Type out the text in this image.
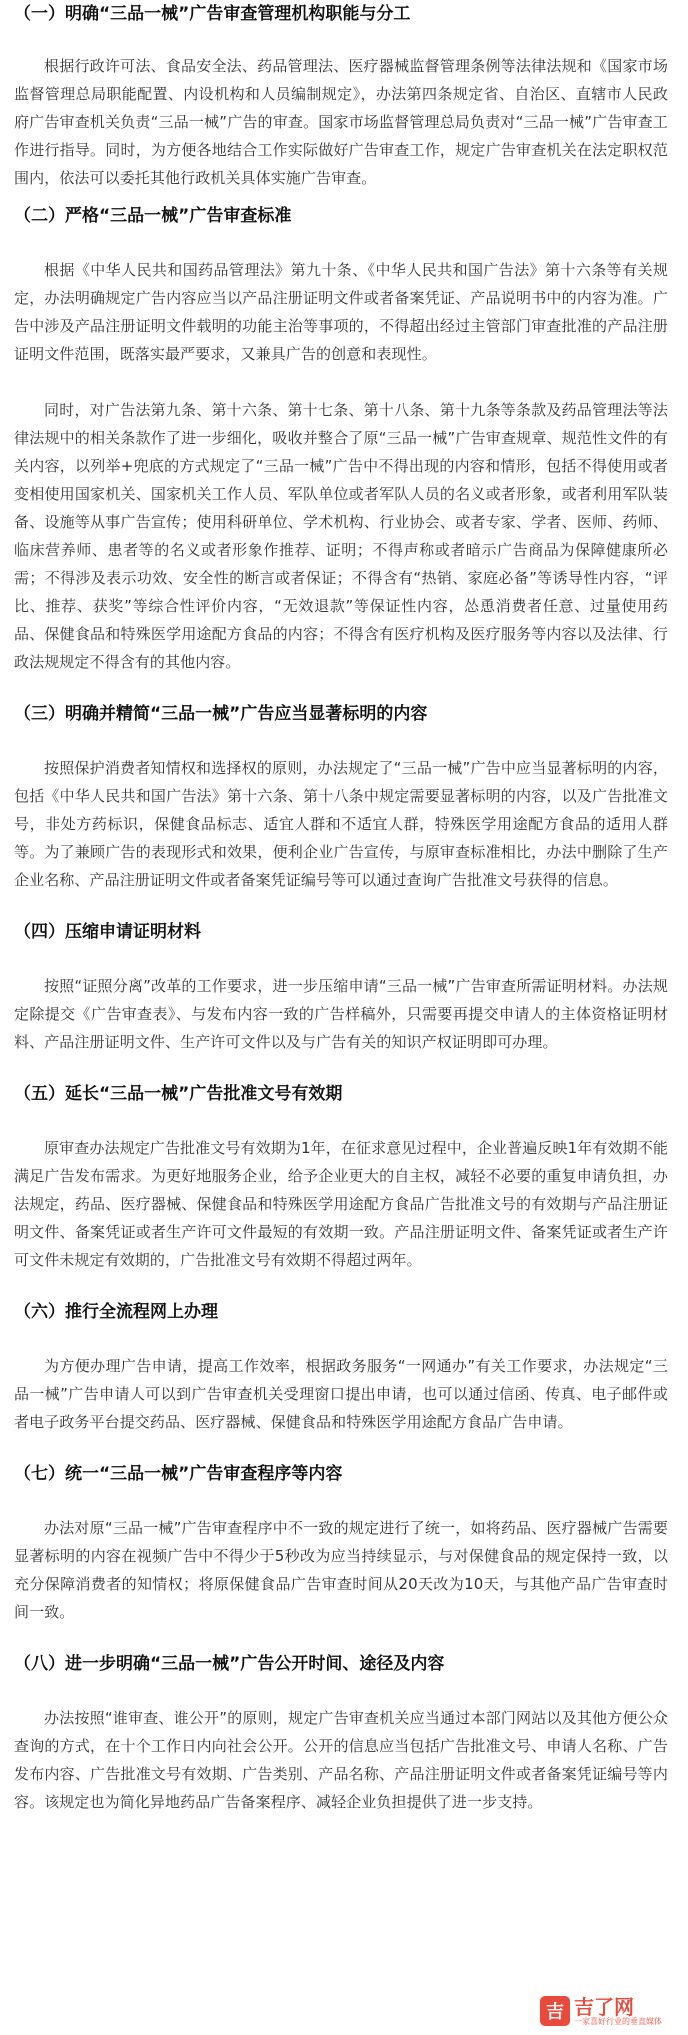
（一）明确“三品一械”广告审查管理机构职能与分工

根据行政许可法、食品安全法、药品管理法、医疗器械监督管理条例等法律法规和《国家市场监督管理总局职能配置、内设机构和人员编制规定》，办法第四条规定省、自治区、直辖市人民政府广告审查机关负责“三品一械”广告的审查。国家市场监督管理总局负责对“三品一械”广告审查工作进行指导。同时，为方便各地结合工作实际做好广告审查工作，规定广告审查机关在法定职权范围内，依法可以委托其他行政机关具体实施广告审查。

（二）严格“三品一械”广告审查标准

根据《中华人民共和国药品管理法》第九十条、《中华人民共和国广告法》第十六条等有关规定，办法明确规定广告内容应当以产品注册证明文件或者备案凭证、产品说明书中的内容为准。广告中涉及产品注册证明文件载明的功能主治等事项的，不得超出经过主管部门审查批准的产品注册证明文件范围，既落实最严要求，又兼具广告的创意和表现性。

同时，对广告法第九条、第十六条、第十七条、第十八条、第十九条等条款及药品管理法等法律法规中的相关条款作了进一步细化，吸收并整合了原“三品一械”广告审查规章、规范性文件的有关内容，以列举+兜底的方式规定了“三品一械”广告中不得出现的内容和情形，包括不得使用或者变相使用国家机关、国家机关工作人员、军队单位或者军队人员的名义或者形象，或者利用军队装备、设施等从事广告宣传；使用科研单位、学术机构、行业协会、或者专家、学者、医师、药师、临床营养师、患者等的名义或者形象作推荐、证明；不得声称或者暗示广告商品为保障健康所必需；不得涉及表示功效、安全性的断言或者保证；不得含有“热销、家庭必备”等诱导性内容，“评比、推荐、获奖”等综合性评价内容，“无效退款”等保证性内容，怂恿消费者任意、过量使用药品、保健食品和特殊医学用途配方食品的内容；不得含有医疗机构及医疗服务等内容以及法律、行政法规规定不得含有的其他内容。

（三）明确并精简“三品一械”广告应当显著标明的内容

按照保护消费者知情权和选择权的原则，办法规定了“三品一械”广告中应当显著标明的内容，包括《中华人民共和国广告法》第十六条、第十八条中规定需要显著标明的内容，以及广告批准文号，非处方药标识，保健食品标志、适宜人群和不适宜人群，特殊医学用途配方食品的适用人群等。为了兼顾广告的表现形式和效果，便利企业广告宣传，与原审查标准相比，办法中删除了生产企业名称、产品注册证明文件或者备案凭证编号等可以通过查询广告批准文号获得的信息。

（四）压缩申请证明材料

按照“证照分离”改革的工作要求，进一步压缩申请“三品一械”广告审查所需证明材料。办法规定除提交《广告审查表》、与发布内容一致的广告样稿外，只需要再提交申请人的主体资格证明材料、产品注册证明文件、生产许可文件以及与广告有关的知识产权证明即可办理。

（五）延长“三品一械”广告批准文号有效期

原审查办法规定广告批准文号有效期为1年，在征求意见过程中，企业普遍反映1年有效期不能满足广告发布需求。为更好地服务企业，给予企业更大的自主权，减轻不必要的重复申请负担，办法规定，药品、医疗器械、保健食品和特殊医学用途配方食品广告批准文号的有效期与产品注册证明文件、备案凭证或者生产许可文件最短的有效期一致。产品注册证明文件、备案凭证或者生产许可文件未规定有效期的，广告批准文号有效期不得超过两年。

（六）推行全流程网上办理

为方便办理广告申请，提高工作效率，根据政务服务“一网通办”有关工作要求，办法规定“三品一械”广告申请人可以到广告审查机关受理窗口提出申请，也可以通过信函、传真、电子邮件或者电子政务平台提交药品、医疗器械、保健食品和特殊医学用途配方食品广告申请。

（七）统一“三品一械”广告审查程序等内容

办法对原“三品一械”广告审查程序中不一致的规定进行了统一，如将药品、医疗器械广告需要显著标明的内容在视频广告中不得少于5秒改为应当持续显示，与对保健食品的规定保持一致，以充分保障消费者的知情权；将原保健食品广告审查时间从20天改为10天，与其他产品广告审查时间一致。

（八）进一步明确“三品一械”广告公开时间、途径及内容

办法按照“谁审查、谁公开”的原则，规定广告审查机关应当通过本部门网站以及其他方便公众查询的方式，在十个工作日内向社会公开。公开的信息应当包括广告批准文号、申请人名称、广告发布内容、广告批准文号有效期、广告类别、产品名称、产品注册证明文件或者备案凭证编号等内容。该规定也为简化异地药品广告备案程序、减轻企业负担提供了进一步支持。

吉 吉了网
一家喜好行业的垂直媒体
